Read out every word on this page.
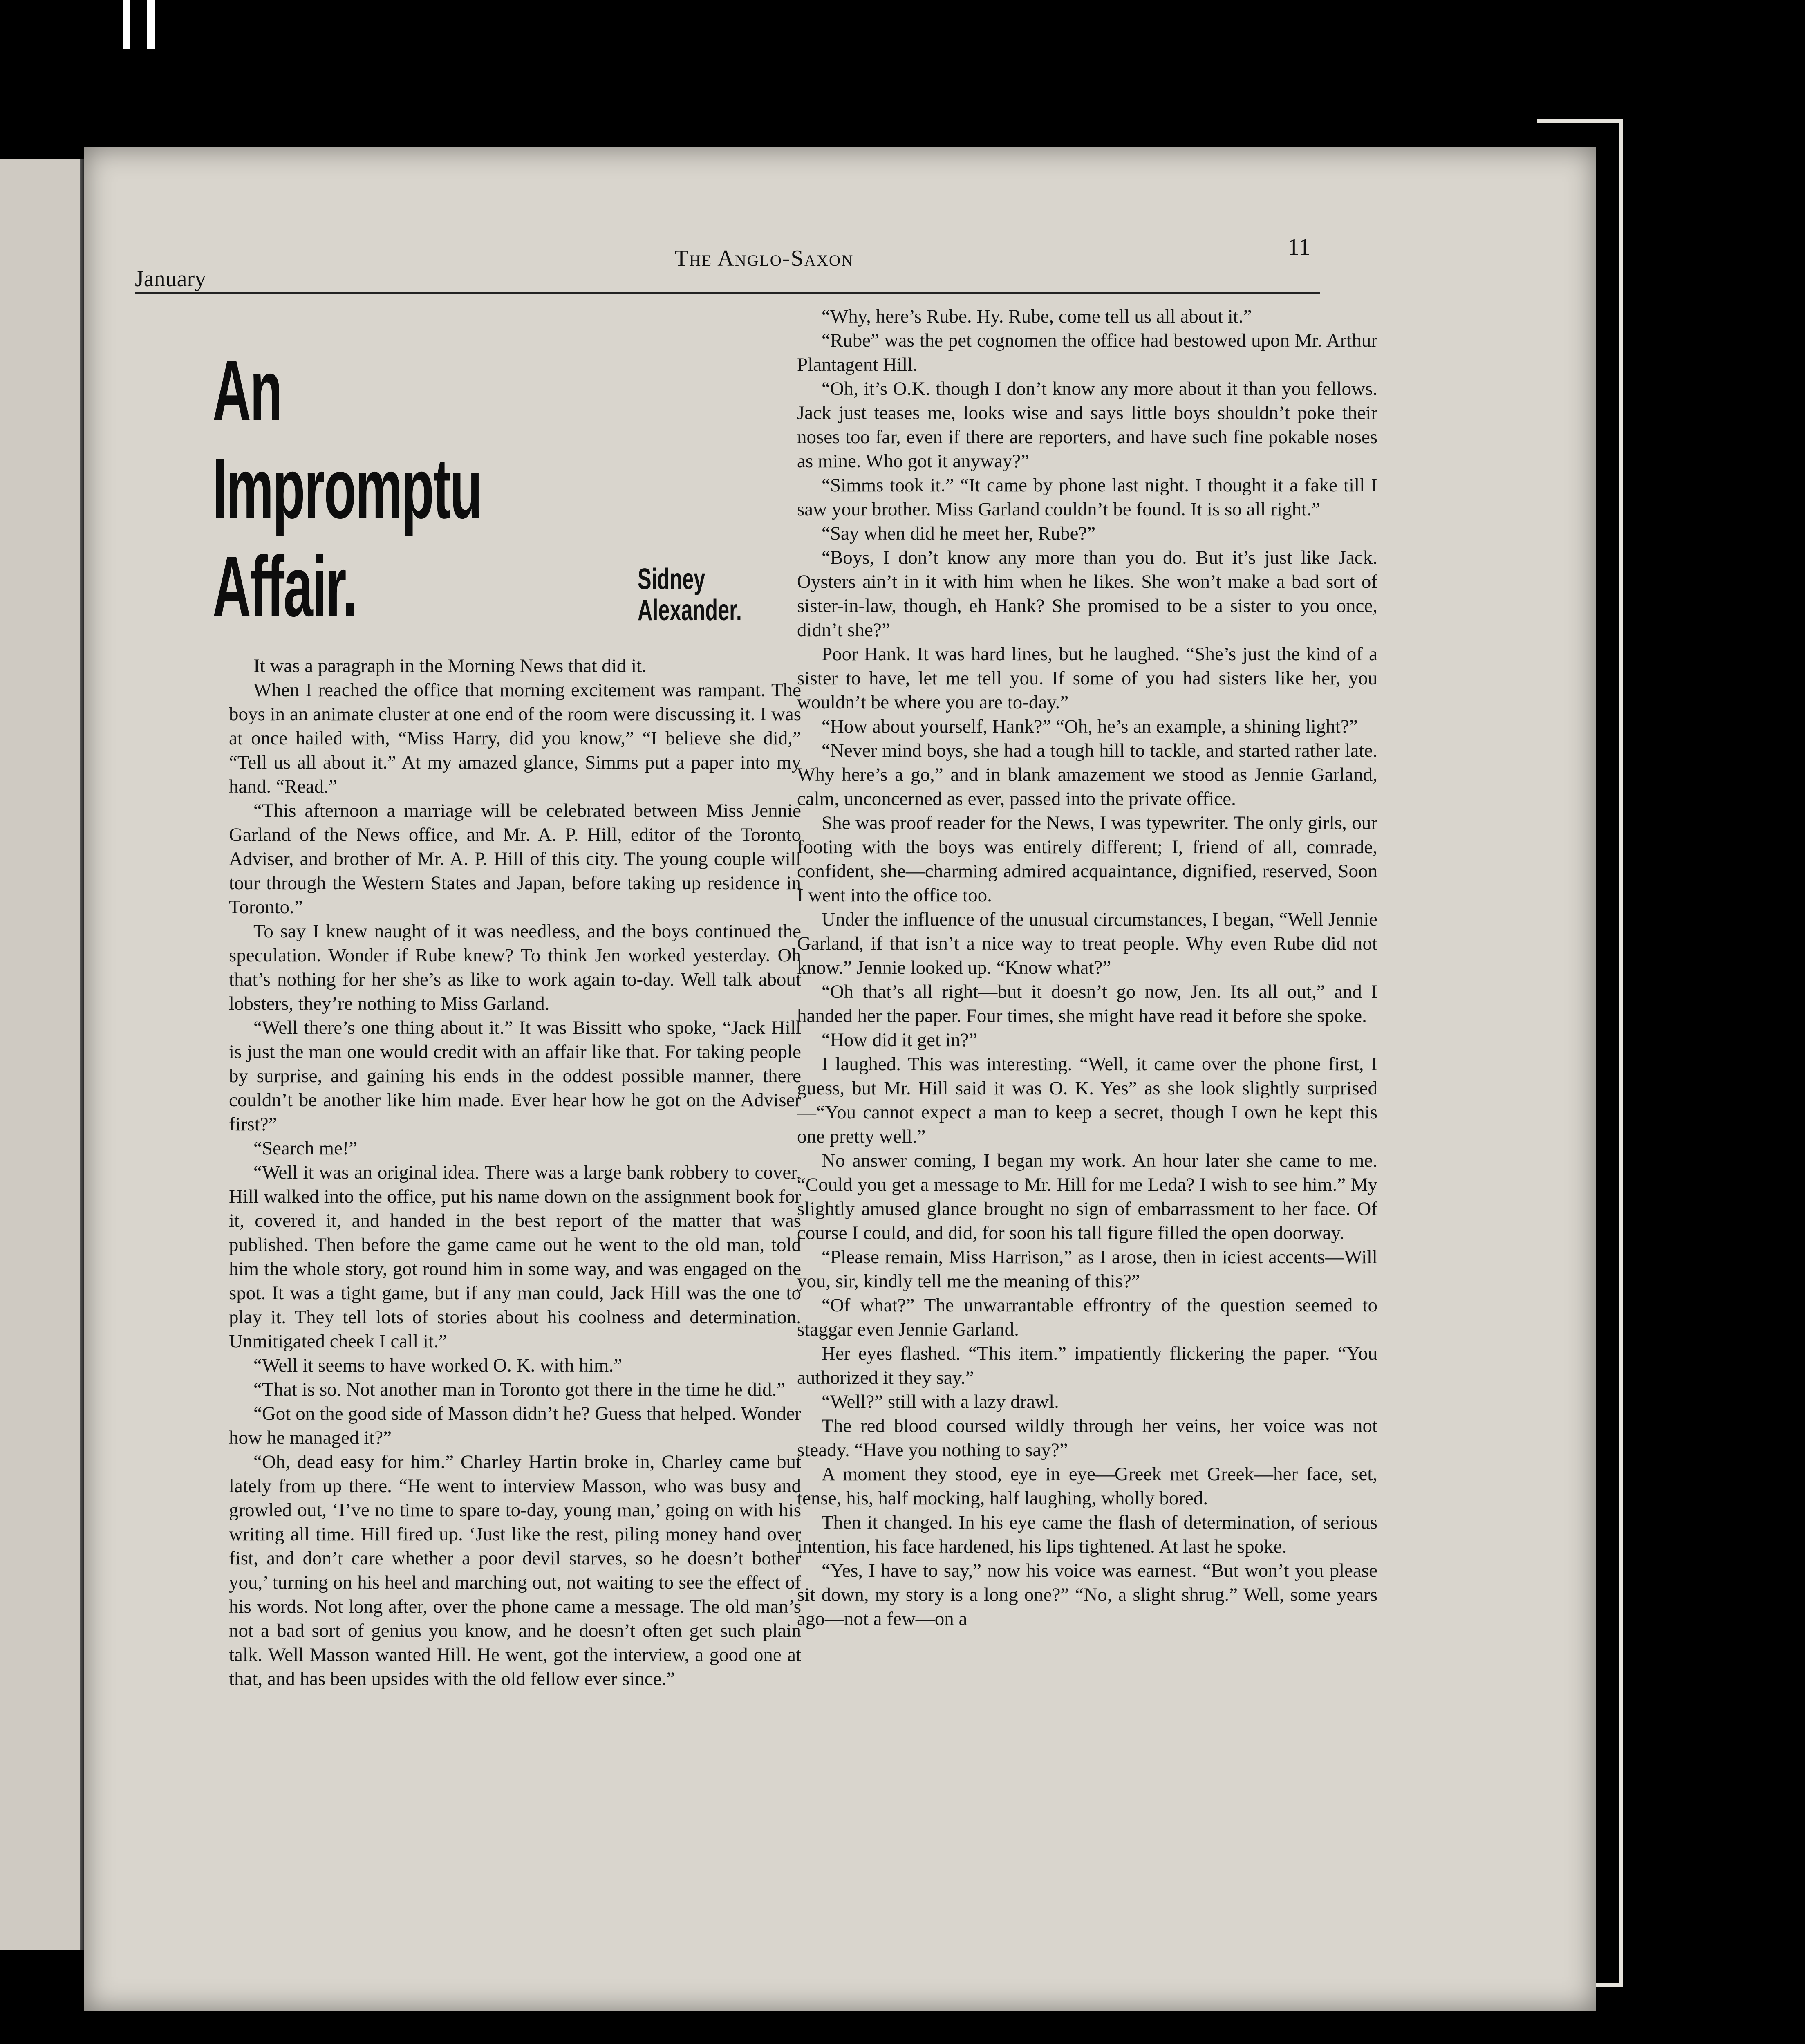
January
The Anglo-Saxon	11
An
Impromptu
Affair.	Sidney
Alexander.

It was a paragraph in the Morning News that did it.

When I reached the office that morning excitement was rampant. The boys in an animate cluster at one end of the room were discussing it. I was at once hailed with, “Miss Harry, did you know,” “I believe she did,” “Tell us all about it.” At my amazed glance, Simms put a paper into my hand. “Read.”

“This afternoon a marriage will be celebrated between Miss Jennie Garland of the News office, and Mr. A. P. Hill, editor of the Toronto Adviser, and brother of Mr. A. P. Hill of this city. The young couple will tour through the Western States and Japan, before taking up residence in Toronto.”

To say I knew naught of it was needless, and the boys continued the speculation. Wonder if Rube knew? To think Jen worked yesterday. Oh that’s nothing for her she’s as like to work again to-day. Well talk about lobsters, they’re nothing to Miss Garland.

“Well there’s one thing about it.” It was Bissitt who spoke, “Jack Hill is just the man one would credit with an affair like that. For taking people by surprise, and gaining his ends in the oddest possible manner, there couldn’t be another like him made. Ever hear how he got on the Adviser first?”

“Search me!”

“Well it was an original idea. There was a large bank robbery to cover. Hill walked into the office, put his name down on the assignment book for it, covered it, and handed in the best report of the matter that was published. Then before the game came out he went to the old man, told him the whole story, got round him in some way, and was engaged on the spot. It was a tight game, but if any man could, Jack Hill was the one to play it. They tell lots of stories about his coolness and determination. Unmitigated cheek I call it.”

“Well it seems to have worked O. K. with him.”

“That is so. Not another man in Toronto got there in the time he did.”

“Got on the good side of Masson didn’t he? Guess that helped. Wonder how he managed it?”

“Oh, dead easy for him.” Charley Hartin broke in, Charley came but lately from up there. “He went to interview Masson, who was busy and growled out, ‘I’ve no time to spare to-day, young man,’ going on with his writing all time. Hill fired up. ‘Just like the rest, piling money hand over fist, and don’t care whether a poor devil starves, so he doesn’t bother you,’ turning on his heel and marching out, not waiting to see the effect of his words. Not long after, over the phone came a message. The old man’s not a bad sort of genius you know, and he doesn’t often get such plain talk. Well Masson wanted Hill. He went, got the interview, a good one at that, and has been upsides with the old fellow ever since.”

“Why, here’s Rube. Hy. Rube, come tell us all about it.”

“Rube” was the pet cognomen the office had bestowed upon Mr. Arthur Plantagent Hill.

“Oh, it’s O.K. though I don’t know any more about it than you fellows. Jack just teases me, looks wise and says little boys shouldn’t poke their noses too far, even if there are reporters, and have such fine pokable noses as mine. Who got it anyway?”

“Simms took it.” “It came by phone last night. I thought it a fake till I saw your brother. Miss Garland couldn’t be found. It is so all right.”

“Say when did he meet her, Rube?”

“Boys, I don’t know any more than you do. But it’s just like Jack. Oysters ain’t in it with him when he likes. She won’t make a bad sort of sister-in-law, though, eh Hank? She promised to be a sister to you once, didn’t she?”

Poor Hank. It was hard lines, but he laughed. “She’s just the kind of a sister to have, let me tell you. If some of you had sisters like her, you wouldn’t be where you are to-day.”

“How about yourself, Hank?” “Oh, he’s an example, a shining light?”

“Never mind boys, she had a tough hill to tackle, and started rather late. Why here’s a go,” and in blank amazement we stood as Jennie Garland, calm, unconcerned as ever, passed into the private office.

She was proof reader for the News, I was typewriter. The only girls, our footing with the boys was entirely different; I, friend of all, comrade, confident, she—charming admired acquaintance, dignified, reserved, Soon I went into the office too.

Under the influence of the unusual circumstances, I began, “Well Jennie Garland, if that isn’t a nice way to treat people. Why even Rube did not know.” Jennie looked up. “Know what?”

“Oh that’s all right—but it doesn’t go now, Jen. Its all out,” and I handed her the paper. Four times, she might have read it before she spoke.

“How did it get in?”

I laughed. This was interesting. “Well, it came over the phone first, I guess, but Mr. Hill said it was O. K. Yes” as she look slightly surprised—“You cannot expect a man to keep a secret, though I own he kept this one pretty well.”

No answer coming, I began my work. An hour later she came to me. “Could you get a message to Mr. Hill for me Leda? I wish to see him.” My slightly amused glance brought no sign of embarrassment to her face. Of course I could, and did, for soon his tall figure filled the open doorway.

“Please remain, Miss Harrison,” as I arose, then in iciest accents—Will you, sir, kindly tell me the meaning of this?”

“Of what?” The unwarrantable effrontry of the question seemed to staggar even Jennie Garland.

Her eyes flashed. “This item.” impatiently flickering the paper. “You authorized it they say.”

“Well?” still with a lazy drawl.

The red blood coursed wildly through her veins, her voice was not steady. “Have you nothing to say?”

A moment they stood, eye in eye—Greek met Greek—her face, set, tense, his, half mocking, half laughing, wholly bored.

Then it changed. In his eye came the flash of determination, of serious intention, his face hardened, his lips tightened. At last he spoke.

“Yes, I have to say,” now his voice was earnest. “But won’t you please sit down, my story is a long one?” “No, a slight shrug.” Well, some years ago—not a few—on a
